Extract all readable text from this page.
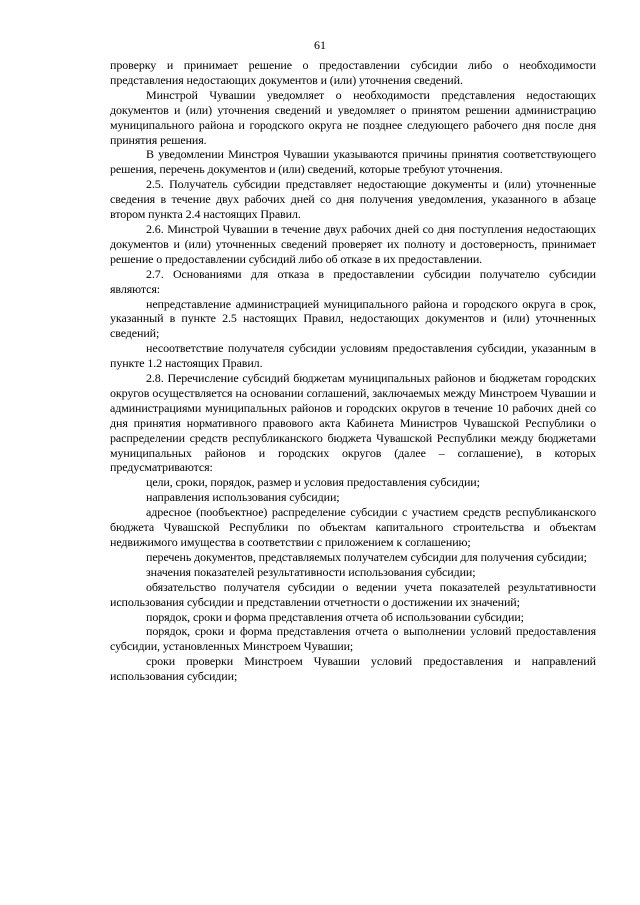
61

проверку и принимает решение о предоставлении субсидии либо о необходимости представления недостающих документов и (или) уточнения сведений.

Минстрой Чувашии уведомляет о необходимости представления недостающих документов и (или) уточнения сведений и уведомляет о принятом решении администрацию муниципального района и городского округа не позднее следующего рабочего дня после дня принятия решения.

В уведомлении Минстроя Чувашии указываются причины принятия соответствующего решения, перечень документов и (или) сведений, которые требуют уточнения.

2.5. Получатель субсидии представляет недостающие документы и (или) уточненные сведения в течение двух рабочих дней со дня получения уведомления, указанного в абзаце втором пункта 2.4 настоящих Правил.

2.6. Минстрой Чувашии в течение двух рабочих дней со дня поступления недостающих документов и (или) уточненных сведений проверяет их полноту и достоверность, принимает решение о предоставлении субсидий либо об отказе в их предоставлении.

2.7. Основаниями для отказа в предоставлении субсидии получателю субсидии являются:

непредставление администрацией муниципального района и городского округа в срок, указанный в пункте 2.5 настоящих Правил, недостающих документов и (или) уточненных сведений;

несоответствие получателя субсидии условиям предоставления субсидии, указанным в пункте 1.2 настоящих Правил.

2.8. Перечисление субсидий бюджетам муниципальных районов и бюджетам городских округов осуществляется на основании соглашений, заключаемых между Минстроем Чувашии и администрациями муниципальных районов и городских округов в течение 10 рабочих дней со дня принятия нормативного правового акта Кабинета Министров Чувашской Республики о распределении средств республиканского бюджета Чувашской Республики между бюджетами муниципальных районов и городских округов (далее – соглашение), в которых предусматриваются:

цели, сроки, порядок, размер и условия предоставления субсидии;

направления использования субсидии;

адресное (пообъектное) распределение субсидии с участием средств республиканского бюджета Чувашской Республики по объектам капитального строительства и объектам недвижимого имущества в соответствии с приложением к соглашению;

перечень документов, представляемых получателем субсидии для получения субсидии;

значения показателей результативности использования субсидии;

обязательство получателя субсидии о ведении учета показателей результативности использования субсидии и представлении отчетности о достижении их значений;

порядок, сроки и форма представления отчета об использовании субсидии;

порядок, сроки и форма представления отчета о выполнении условий предоставления субсидии, установленных Минстроем Чувашии;

сроки проверки Минстроем Чувашии условий предоставления и направлений использования субсидии;
